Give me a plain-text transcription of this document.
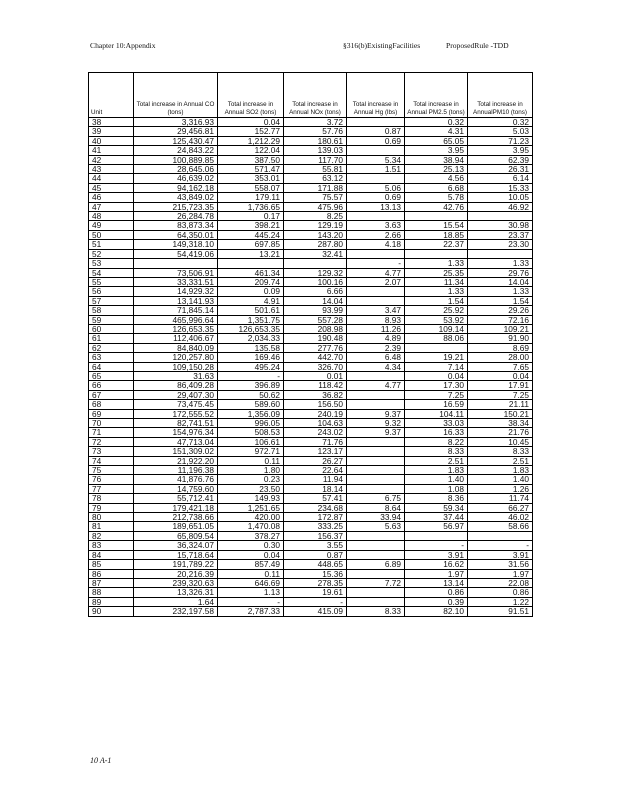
Chapter 10:Appendix	§316(b)ExistingFacilities	ProposedRule -TDD
Unit	Total increase in Annual CO (tons)	Total increase in Annual SO2 (tons)	Total increase in Annual NOx (tons)	Total increase in Annual Hg (lbs)	Total increase in Annual PM2.5 (tons)	Total increase in AnnualPM10 (tons)
38	3,316.93	0.04	3.72		0.32	0.32
39	29,456.81	152.77	57.76	0.87	4.31	5.03
40	125,430.47	1,212.29	180.61	0.69	65.05	71.23
41	24,843.22	122.04	139.03		3.95	3.95
42	100,889.85	387.50	117.70	5.34	38.94	62.39
43	28,645.06	571.47	55.81	1.51	25.13	26.31
44	46,639.02	353.01	63.12		4.56	6.14
45	94,162.18	558.07	171.88	5.06	6.68	15.33
46	43,849.02	179.11	75.57	0.69	5.78	10.05
47	215,723.35	1,736.65	475.96	13.13	42.76	46.92
48	26,284.78	0.17	8.25			
49	83,873.34	398.21	129.19	3.63	15.54	30.98
50	64,350.01	445.24	143.20	2.66	18.85	23.37
51	149,318.10	697.85	287.80	4.18	22.37	23.30
52	54,419.06	13.21	32.41			
53				-	1.33	1.33
54	73,506.91	461.34	129.32	4.77	25.35	29.76
55	33,331.51	209.74	100.16	2.07	11.34	14.04
56	14,929.32	0.09	6.66		1.33	1.33
57	13,141.93	4.91	14.04		1.54	1.54
58	71,845.14	501.61	93.99	3.47	25.92	29.26
59	465,996.64	1,351.75	557.28	8.93	53.92	72.16
60	126,653.35	126,653.35	208.98	11.26	109.14	109.21
61	112,406.67	2,034.33	190.48	4.89	88.06	91.90
62	84,840.09	135.58	277.76	2.39		8.69
63	120,257.80	169.46	442.70	6.48	19.21	28.00
64	109,150.28	495.24	326.70	4.34	7.14	7.65
65	31.63	-	0.01		0.04	0.04
66	86,409.28	396.89	118.42	4.77	17.30	17.91
67	29,407.30	50.62	36.82		7.25	7.25
68	73,475.45	589.60	156.50		16.59	21.11
69	172,555.52	1,356.09	240.19	9.37	104.11	150.21
70	82,741.51	996.05	104.63	9.32	33.03	38.34
71	154,976.34	508.53	243.02	9.37	16.33	21.76
72	47,713.04	106.61	71.76		8.22	10.45
73	151,309.02	972.71	123.17		8.33	8.33
74	21,922.20	0.11	26.27		2.51	2.51
75	11,196.38	1.80	22.64		1.83	1.83
76	41,876.76	0.23	11.94		1.40	1.40
77	14,759.60	23.50	18.14		1.08	1.26
78	55,712.41	149.93	57.41	6.75	8.36	11.74
79	179,421.18	1,251.65	234.68	8.64	59.34	66.27
80	212,738.66	420.00	172.87	33.94	37.44	46.02
81	189,651.05	1,470.08	333.25	5.63	56.97	58.66
82	65,809.54	378.27	156.37			
83	36,324.07	0.30	3.55		-	-
84	15,718.64	0.04	0.87		3.91	3.91
85	191,789.22	857.49	448.65	6.89	16.62	31.56
86	20,216.39	0.11	15.36		1.97	1.97
87	239,320.63	646.69	278.35	7.72	13.14	22.08
88	13,326.31	1.13	19.61		0.86	0.86
89	1.64	-	-		0.39	1.22
90	232,197.58	2,787.33	415.09	8.33	82.10	91.51
10 A-1
